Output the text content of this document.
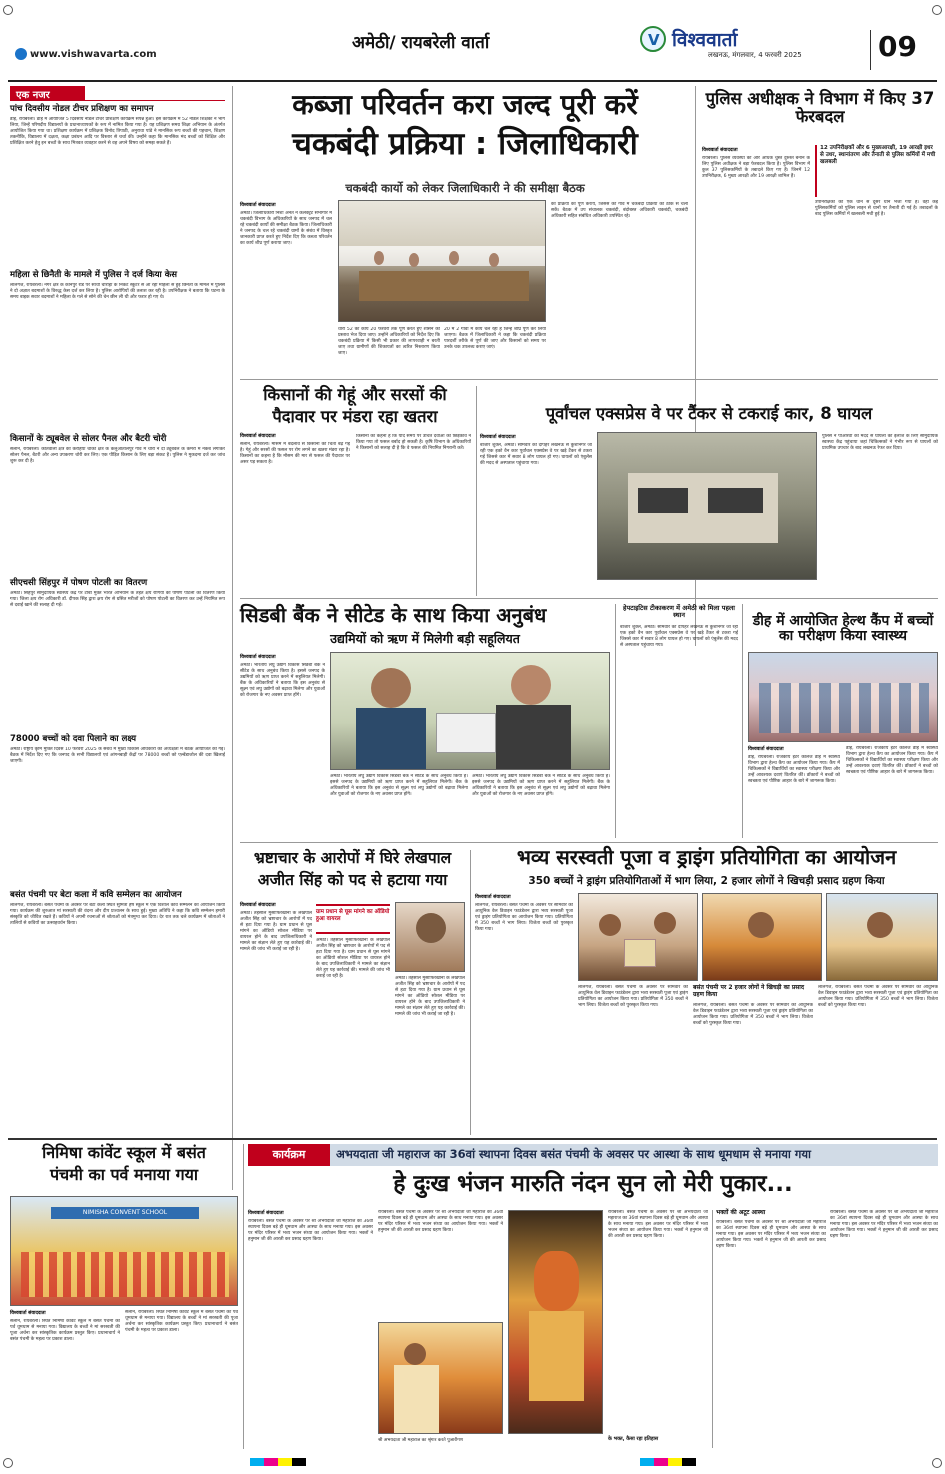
www.vishwavarta.com
अमेठी/ रायबरेली वार्ता	V विश्ववार्ता
लखनऊ, मंगलवार, 4 फरवरी 2025	09
एक नजर
पांच दिवसीय नोडल टीचर प्रशिक्षण का समापन
डीह, रायबरेली। डीह में आयोजित 5 दिवसीय नोडल टीचर प्रशिक्षण कार्यक्रम संपन्न हुआ। इस कार्यक्रम में 52 नोडल शिक्षकों ने भाग लिया, जिन्हें परिषदीय विद्यालयों के प्रधानाध्यापकों के रूप में नामित किया गया है। यह प्रशिक्षण समग्र शिक्षा अभियान के अंतर्गत आयोजित किया गया था। प्रशिक्षण कार्यक्रम में प्रशिक्षक विनोद त्रिपाठी, अनुराधा पांडे ने मानसिक रूप बच्चों की पहचान, शिक्षण तकनीकि, विद्यालय में दक्षता, कक्षा प्रबंधन आदि पर विस्तार से चर्चा की। उन्होंने कहा कि मानसिक मंद बच्चों को शिक्षित और प्रशिक्षित करने हेतु इन बच्चों के साथ मित्रवत व्यवहार करने से वह अपने विषय को समझ सकते हैं।
महिला से छिनैती के मामले में पुलिस ने दर्ज किया केस
लालगंज, रायबरेली। नगर क्षेत्र के कानपुर रोड पर साथी चौराहा के निकट स्कूटर से आ रही महिला से हुई छिनैती के मामले में पुलिस ने दो अज्ञात बदमाशों के विरुद्ध केस दर्ज कर लिया है। पुलिस आरोपियों की तलाश कर रही है। उपनिरीक्षक ने बताया कि घटना के समय बाइक सवार बदमाशों ने महिला के गले से सोने की चेन छीन ली थी और फरार हो गए थे।
किसानों के ट्यूबवेल से सोलर पैनल और बैटरी चोरी
सलोन, रायबरेली। कोतवाली क्षेत्र की करहिया चौकी क्षेत्र के कलुआतालपुर गांव में चोरों ने दो ट्यूबवेल के कमरों में नकब लगाकर सोलर पैनल, बैटरी और अन्य उपकरण चोरी कर लिए। एक पीड़ित किसान के लिए बड़ा संकट है। पुलिस ने मुकदमा दर्ज कर जांच शुरू कर दी है।
सीएचसी सिंहपुर में पोषण पोटली का वितरण
अमेठी। सिंहपुर सामुदायिक स्वास्थ्य केंद्र पर टीबी मुक्त भारत अभियान के तहत क्षय रोगियों को पोषण पोटली का वितरण किया गया। जिला क्षय रोग अधिकारी डॉ. दीपक सिंह द्वारा क्षय रोग से ग्रसित मरीजों को पोषण पोटली का वितरण कर उन्हें नियमित रूप से दवाई खाने की सलाह दी गई।
78000 बच्चों को दवा पिलाने का लक्ष्य
अमेठी। राष्ट्रीय कृमि मुक्ति दिवस 10 फरवरी 2025 के संबंध में मुख्य विकास अधिकारी की अध्यक्षता में बैठक आयोजित की गई। बैठक में निर्देश दिए गए कि जनपद के सभी विद्यालयों एवं आंगनबाड़ी केंद्रों पर 78000 बच्चों को एल्बेंडाजोल की दवा खिलाई जाएगी।
बसंत पंचमी पर बेटा कला में कवि सम्मेलन का आयोजन
लालगंज, रायबरेली। बसंत पंचमी के अवसर पर बेटा कला स्थित सुमित्रा हर्ष स्कूल में एक विशाल कवि सम्मेलन का आयोजन किया गया। कार्यक्रम की शुरुआत मां सरस्वती की वंदना और दीप प्रज्वलन के साथ हुई। मुख्य अतिथि ने कहा कि कवि सम्मेलन हमारी संस्कृति को जीवित रखते हैं। कवियों ने अपनी रचनाओं से श्रोताओं को मंत्रमुग्ध कर दिया। देर रात तक चले कार्यक्रम में श्रोताओं ने तालियों से कवियों का उत्साहवर्धन किया।
कब्जा परिवर्तन करा जल्द पूरी करें
चकबंदी प्रक्रिया : जिलाधिकारी
चकबंदी कार्यो को लेकर जिलाधिकारी ने की समीक्षा बैठक
विश्ववार्ता संवाददाता
अमेठी। जिलाधिकारी निशा अनंत ने कलेक्ट्रेट सभागार में चकबंदी विभाग के अधिकारियों के साथ जनपद में चल रहे चकबंदी कार्यों की समीक्षा बैठक किया। जिलाधिकारी ने जनपद के चल रहे चकबंदी ग्रामों के संबंध में विस्तृत जानकारी प्राप्त करते हुए निर्देश दिए कि कब्जा परिवर्तन का कार्य शीघ्र पूर्ण कराया जाए।
धारा 52 का कार्य 20 फरवरी तक पूर्ण करते हुए शासन को प्रस्ताव भेज दिया जाए। उन्होंने अधिकारियों को निर्देश दिए कि चकबंदी प्रक्रिया में किसी भी प्रकार की लापरवाही न बरती जाए तथा ग्रामीणों की शिकायतों का त्वरित निस्तारण किया जाए।
20 में 2 गांवों में कार्य चल रहा है जिन्हें शीघ्र पूर्ण कर लिया जाएगा। बैठक में जिलाधिकारी ने कहा कि चकबंदी प्रक्रिया पारदर्शी तरीके से पूर्ण की जाए और किसानों को समय पर उनके चक उपलब्ध कराए जाएं।
की प्रक्रिया को पूर्ण करायें, जिससे की गांव में चकबंदी प्रक्रिया को ठीक से चला सकें। बैठक में उप संचालक चकबंदी, बंदोबस्त अधिकारी चकबंदी, चकबंदी अधिकारी सहित संबंधित अधिकारी उपस्थित रहे।
पुलिस अधीक्षक ने विभाग में किए 37 फेरबदल
12 उपनिरीक्षकों और 6 मुख्यआरक्षी, 19 आरक्षी इधर से उधर, स्थानांतरण और तैनाती से पुलिस कर्मियों में मची खलबली
विश्ववार्ता संवाददाता
रायबरेली। पुलिस व्यवस्था को और अधिक चुस्त दुरुस्त बनाने के लिए पुलिस अधीक्षक ने बड़ा फेरबदल किया है। पुलिस विभाग में कुल 37 पुलिसकर्मियों के तबादले किए गए हैं। जिनमें 12 उपनिरीक्षक, 6 मुख्य आरक्षी और 19 आरक्षी शामिल हैं।
उपनिरीक्षकों को एक थाने से दूसरे थाने भेजा गया है। वहीं कई पुलिसकर्मियों को पुलिस लाइन से थानों पर तैनाती दी गई है। तबादलों के बाद पुलिस कर्मियों में खलबली मची हुई है।
किसानों की गेहूं और सरसों की
पैदावार पर मंडरा रहा खतरा
विश्ववार्ता संवाददाता
सलोन, रायबरेली। मौसम में बदलाव से किसानों की चिंता बढ़ गई है। गेहूं और सरसों की फसल पर रोग लगने का खतरा मंडरा रहा है। किसानों का कहना है कि मौसम की मार से फसल की पैदावार पर असर पड़ सकता है।
किसानों का कहना है कि यदि समय पर उचित दवाओं का छिड़काव न किया गया तो फसल बर्बाद हो सकती है। कृषि विभाग के अधिकारियों ने किसानों को सलाह दी है कि वे फसल की नियमित निगरानी करें।
पूर्वांचल एक्सप्रेस वे पर टैंकर से टकराई कार, 8 घायल
विश्ववार्ता संवाददाता
बाजार शुक्ल, अमेठी। सोमवार को दोपहर लखनऊ से कुशीनगर जा रही एक इको वैन कार पूर्वांचल एक्सप्रेस वे पर खड़े टैंकर से टकरा गई जिससे कार में सवार 8 लोग घायल हो गए। घायलों को एंबुलेंस की मदद से अस्पताल पहुंचाया गया।
पुलिस ने पीआरवी की मदद से घायलों को इलाज के लिए सामुदायिक स्वास्थ्य केंद्र पहुंचाया जहां चिकित्सकों ने गंभीर रूप से घायलों को प्राथमिक उपचार के बाद लखनऊ रेफर कर दिया।
सिडबी बैंक ने सीटेड के साथ किया अनुबंध
उद्यमियों को ऋण में मिलेगी बड़ी सहूलियत
विश्ववार्ता संवाददाता
अमेठी। भारतीय लघु उद्योग विकास सिडबी बैंक ने सीटेड के साथ अनुबंध किया है। इससे जनपद के उद्यमियों को ऋण प्राप्त करने में सहूलियत मिलेगी। बैंक के अधिकारियों ने बताया कि इस अनुबंध से सूक्ष्म एवं लघु उद्योगों को बढ़ावा मिलेगा और युवाओं को रोजगार के नए अवसर प्राप्त होंगे।
अमेठी। भारतीय लघु उद्योग विकास सिडबी बैंक ने सीटेड के साथ अनुबंध किया है। इससे जनपद के उद्यमियों को ऋण प्राप्त करने में सहूलियत मिलेगी। बैंक के अधिकारियों ने बताया कि इस अनुबंध से सूक्ष्म एवं लघु उद्योगों को बढ़ावा मिलेगा और युवाओं को रोजगार के नए अवसर प्राप्त होंगे।
अमेठी। भारतीय लघु उद्योग विकास सिडबी बैंक ने सीटेड के साथ अनुबंध किया है। इससे जनपद के उद्यमियों को ऋण प्राप्त करने में सहूलियत मिलेगी। बैंक के अधिकारियों ने बताया कि इस अनुबंध से सूक्ष्म एवं लघु उद्योगों को बढ़ावा मिलेगा और युवाओं को रोजगार के नए अवसर प्राप्त होंगे।
हेपटाइटिस टीकाकरण में अमेठी को मिला पहला स्थान
बाजार शुक्ल, अमेठी। सोमवार को दोपहर लखनऊ से कुशीनगर जा रही एक इको वैन कार पूर्वांचल एक्सप्रेस वे पर खड़े टैंकर से टकरा गई जिससे कार में सवार 8 लोग घायल हो गए। घायलों को एंबुलेंस की मदद से अस्पताल पहुंचाया गया।
डीह में आयोजित हेल्थ कैंप में बच्चों का परीक्षण किया स्वास्थ्य
विश्ववार्ता संवाददाता
डीह, रायबरेली। राजकीय इंटर कॉलेज डीह में स्वास्थ्य विभाग द्वारा हेल्थ कैंप का आयोजन किया गया। कैंप में चिकित्सकों ने विद्यार्थियों का स्वास्थ्य परीक्षण किया और उन्हें आवश्यक दवाएं वितरित कीं। डॉक्टरों ने बच्चों को स्वच्छता एवं पौष्टिक आहार के बारे में जागरूक किया।
डीह, रायबरेली। राजकीय इंटर कॉलेज डीह में स्वास्थ्य विभाग द्वारा हेल्थ कैंप का आयोजन किया गया। कैंप में चिकित्सकों ने विद्यार्थियों का स्वास्थ्य परीक्षण किया और उन्हें आवश्यक दवाएं वितरित कीं। डॉक्टरों ने बच्चों को स्वच्छता एवं पौष्टिक आहार के बारे में जागरूक किया।
भ्रष्टाचार के आरोपों में घिरे लेखपाल
अजीत सिंह को पद से हटाया गया
विश्ववार्ता संवाददाता
अमेठी। तहसील मुसाफिरखाना के लेखपाल अजीत सिंह को भ्रष्टाचार के आरोपों में पद से हटा दिया गया है। ग्राम प्रधान से घूस मांगने का ऑडियो सोशल मीडिया पर वायरल होने के बाद उपजिलाधिकारी ने मामले का संज्ञान लेते हुए यह कार्रवाई की। मामले की जांच भी कराई जा रही है।
ग्राम प्रधान से घूस मांगने का ऑडियो हुआ वायरल
अमेठी। तहसील मुसाफिरखाना के लेखपाल अजीत सिंह को भ्रष्टाचार के आरोपों में पद से हटा दिया गया है। ग्राम प्रधान से घूस मांगने का ऑडियो सोशल मीडिया पर वायरल होने के बाद उपजिलाधिकारी ने मामले का संज्ञान लेते हुए यह कार्रवाई की। मामले की जांच भी कराई जा रही है।	अमेठी। तहसील मुसाफिरखाना के लेखपाल अजीत सिंह को भ्रष्टाचार के आरोपों में पद से हटा दिया गया है। ग्राम प्रधान से घूस मांगने का ऑडियो सोशल मीडिया पर वायरल होने के बाद उपजिलाधिकारी ने मामले का संज्ञान लेते हुए यह कार्रवाई की। मामले की जांच भी कराई जा रही है।
भव्य सरस्वती पूजा व ड्राइंग प्रतियोगिता का आयोजन
350 बच्चों ने ड्राइंग प्रतियोगिताओं में भाग लिया, 2 हजार लोगों ने खिचड़ी प्रसाद ग्रहण किया
विश्ववार्ता संवाददाता
लालगंज, रायबरेली। बसंत पंचमी के अवसर पर सोमवार को आधुनिक वेल डिवाइन फाउंडेशन द्वारा भव्य सरस्वती पूजा एवं ड्राइंग प्रतियोगिता का आयोजन किया गया। प्रतियोगिता में 350 बच्चों ने भाग लिया। विजेता बच्चों को पुरस्कृत किया गया।
लालगंज, रायबरेली। बसंत पंचमी के अवसर पर सोमवार को आधुनिक वेल डिवाइन फाउंडेशन द्वारा भव्य सरस्वती पूजा एवं ड्राइंग प्रतियोगिता का आयोजन किया गया। प्रतियोगिता में 350 बच्चों ने भाग लिया। विजेता बच्चों को पुरस्कृत किया गया।
बसंत पंचमी पर 2 हजार लोगों ने खिचड़ी का प्रसाद ग्रहण किया
लालगंज, रायबरेली। बसंत पंचमी के अवसर पर सोमवार को आधुनिक वेल डिवाइन फाउंडेशन द्वारा भव्य सरस्वती पूजा एवं ड्राइंग प्रतियोगिता का आयोजन किया गया। प्रतियोगिता में 350 बच्चों ने भाग लिया। विजेता बच्चों को पुरस्कृत किया गया।
लालगंज, रायबरेली। बसंत पंचमी के अवसर पर सोमवार को आधुनिक वेल डिवाइन फाउंडेशन द्वारा भव्य सरस्वती पूजा एवं ड्राइंग प्रतियोगिता का आयोजन किया गया। प्रतियोगिता में 350 बच्चों ने भाग लिया। विजेता बच्चों को पुरस्कृत किया गया।
निमिषा कांवेंट स्कूल में बसंत
पंचमी का पर्व मनाया गया
NIMISHA CONVENT SCHOOL
विश्ववार्ता संवाददाता
सलोन, रायबरेली। स्थित निमिषा कांवेंट स्कूल में बसंत पंचमी का पर्व धूमधाम से मनाया गया। विद्यालय के बच्चों ने मां सरस्वती की पूजा अर्चना कर सांस्कृतिक कार्यक्रम प्रस्तुत किए। प्रधानाचार्य ने बसंत पंचमी के महत्व पर प्रकाश डाला।
सलोन, रायबरेली। स्थित निमिषा कांवेंट स्कूल में बसंत पंचमी का पर्व धूमधाम से मनाया गया। विद्यालय के बच्चों ने मां सरस्वती की पूजा अर्चना कर सांस्कृतिक कार्यक्रम प्रस्तुत किए। प्रधानाचार्य ने बसंत पंचमी के महत्व पर प्रकाश डाला।
कार्यक्रम	अभयदाता जी महाराज का 36वां स्थापना दिवस बसंत पंचमी के अवसर पर आस्था के साथ धूमधाम से मनाया गया
हे दुःख भंजन मारुति नंदन सुन लो मेरी पुकार...
विश्ववार्ता संवाददाता
रायबरेली। बसंत पंचमी के अवसर पर श्री अभयदाता जी महाराज का 36वां स्थापना दिवस बड़े ही धूमधाम और आस्था के साथ मनाया गया। इस अवसर पर मंदिर परिसर में भव्य भजन संध्या का आयोजन किया गया। भक्तों ने हनुमान जी की आरती कर प्रसाद ग्रहण किया।
रायबरेली। बसंत पंचमी के अवसर पर श्री अभयदाता जी महाराज का 36वां स्थापना दिवस बड़े ही धूमधाम और आस्था के साथ मनाया गया। इस अवसर पर मंदिर परिसर में भव्य भजन संध्या का आयोजन किया गया। भक्तों ने हनुमान जी की आरती कर प्रसाद ग्रहण किया।
श्री अभयदाता जी महाराज का श्रृंगार करते पुजारीगण
रायबरेली। बसंत पंचमी के अवसर पर श्री अभयदाता जी महाराज का 36वां स्थापना दिवस बड़े ही धूमधाम और आस्था के साथ मनाया गया। इस अवसर पर मंदिर परिसर में भव्य भजन संध्या का आयोजन किया गया। भक्तों ने हनुमान जी की आरती कर प्रसाद ग्रहण किया।
के भक्त, कैसा रहा इतिहास
भक्तों की अटूट आस्था
रायबरेली। बसंत पंचमी के अवसर पर श्री अभयदाता जी महाराज का 36वां स्थापना दिवस बड़े ही धूमधाम और आस्था के साथ मनाया गया। इस अवसर पर मंदिर परिसर में भव्य भजन संध्या का आयोजन किया गया। भक्तों ने हनुमान जी की आरती कर प्रसाद ग्रहण किया।
रायबरेली। बसंत पंचमी के अवसर पर श्री अभयदाता जी महाराज का 36वां स्थापना दिवस बड़े ही धूमधाम और आस्था के साथ मनाया गया। इस अवसर पर मंदिर परिसर में भव्य भजन संध्या का आयोजन किया गया। भक्तों ने हनुमान जी की आरती कर प्रसाद ग्रहण किया।
